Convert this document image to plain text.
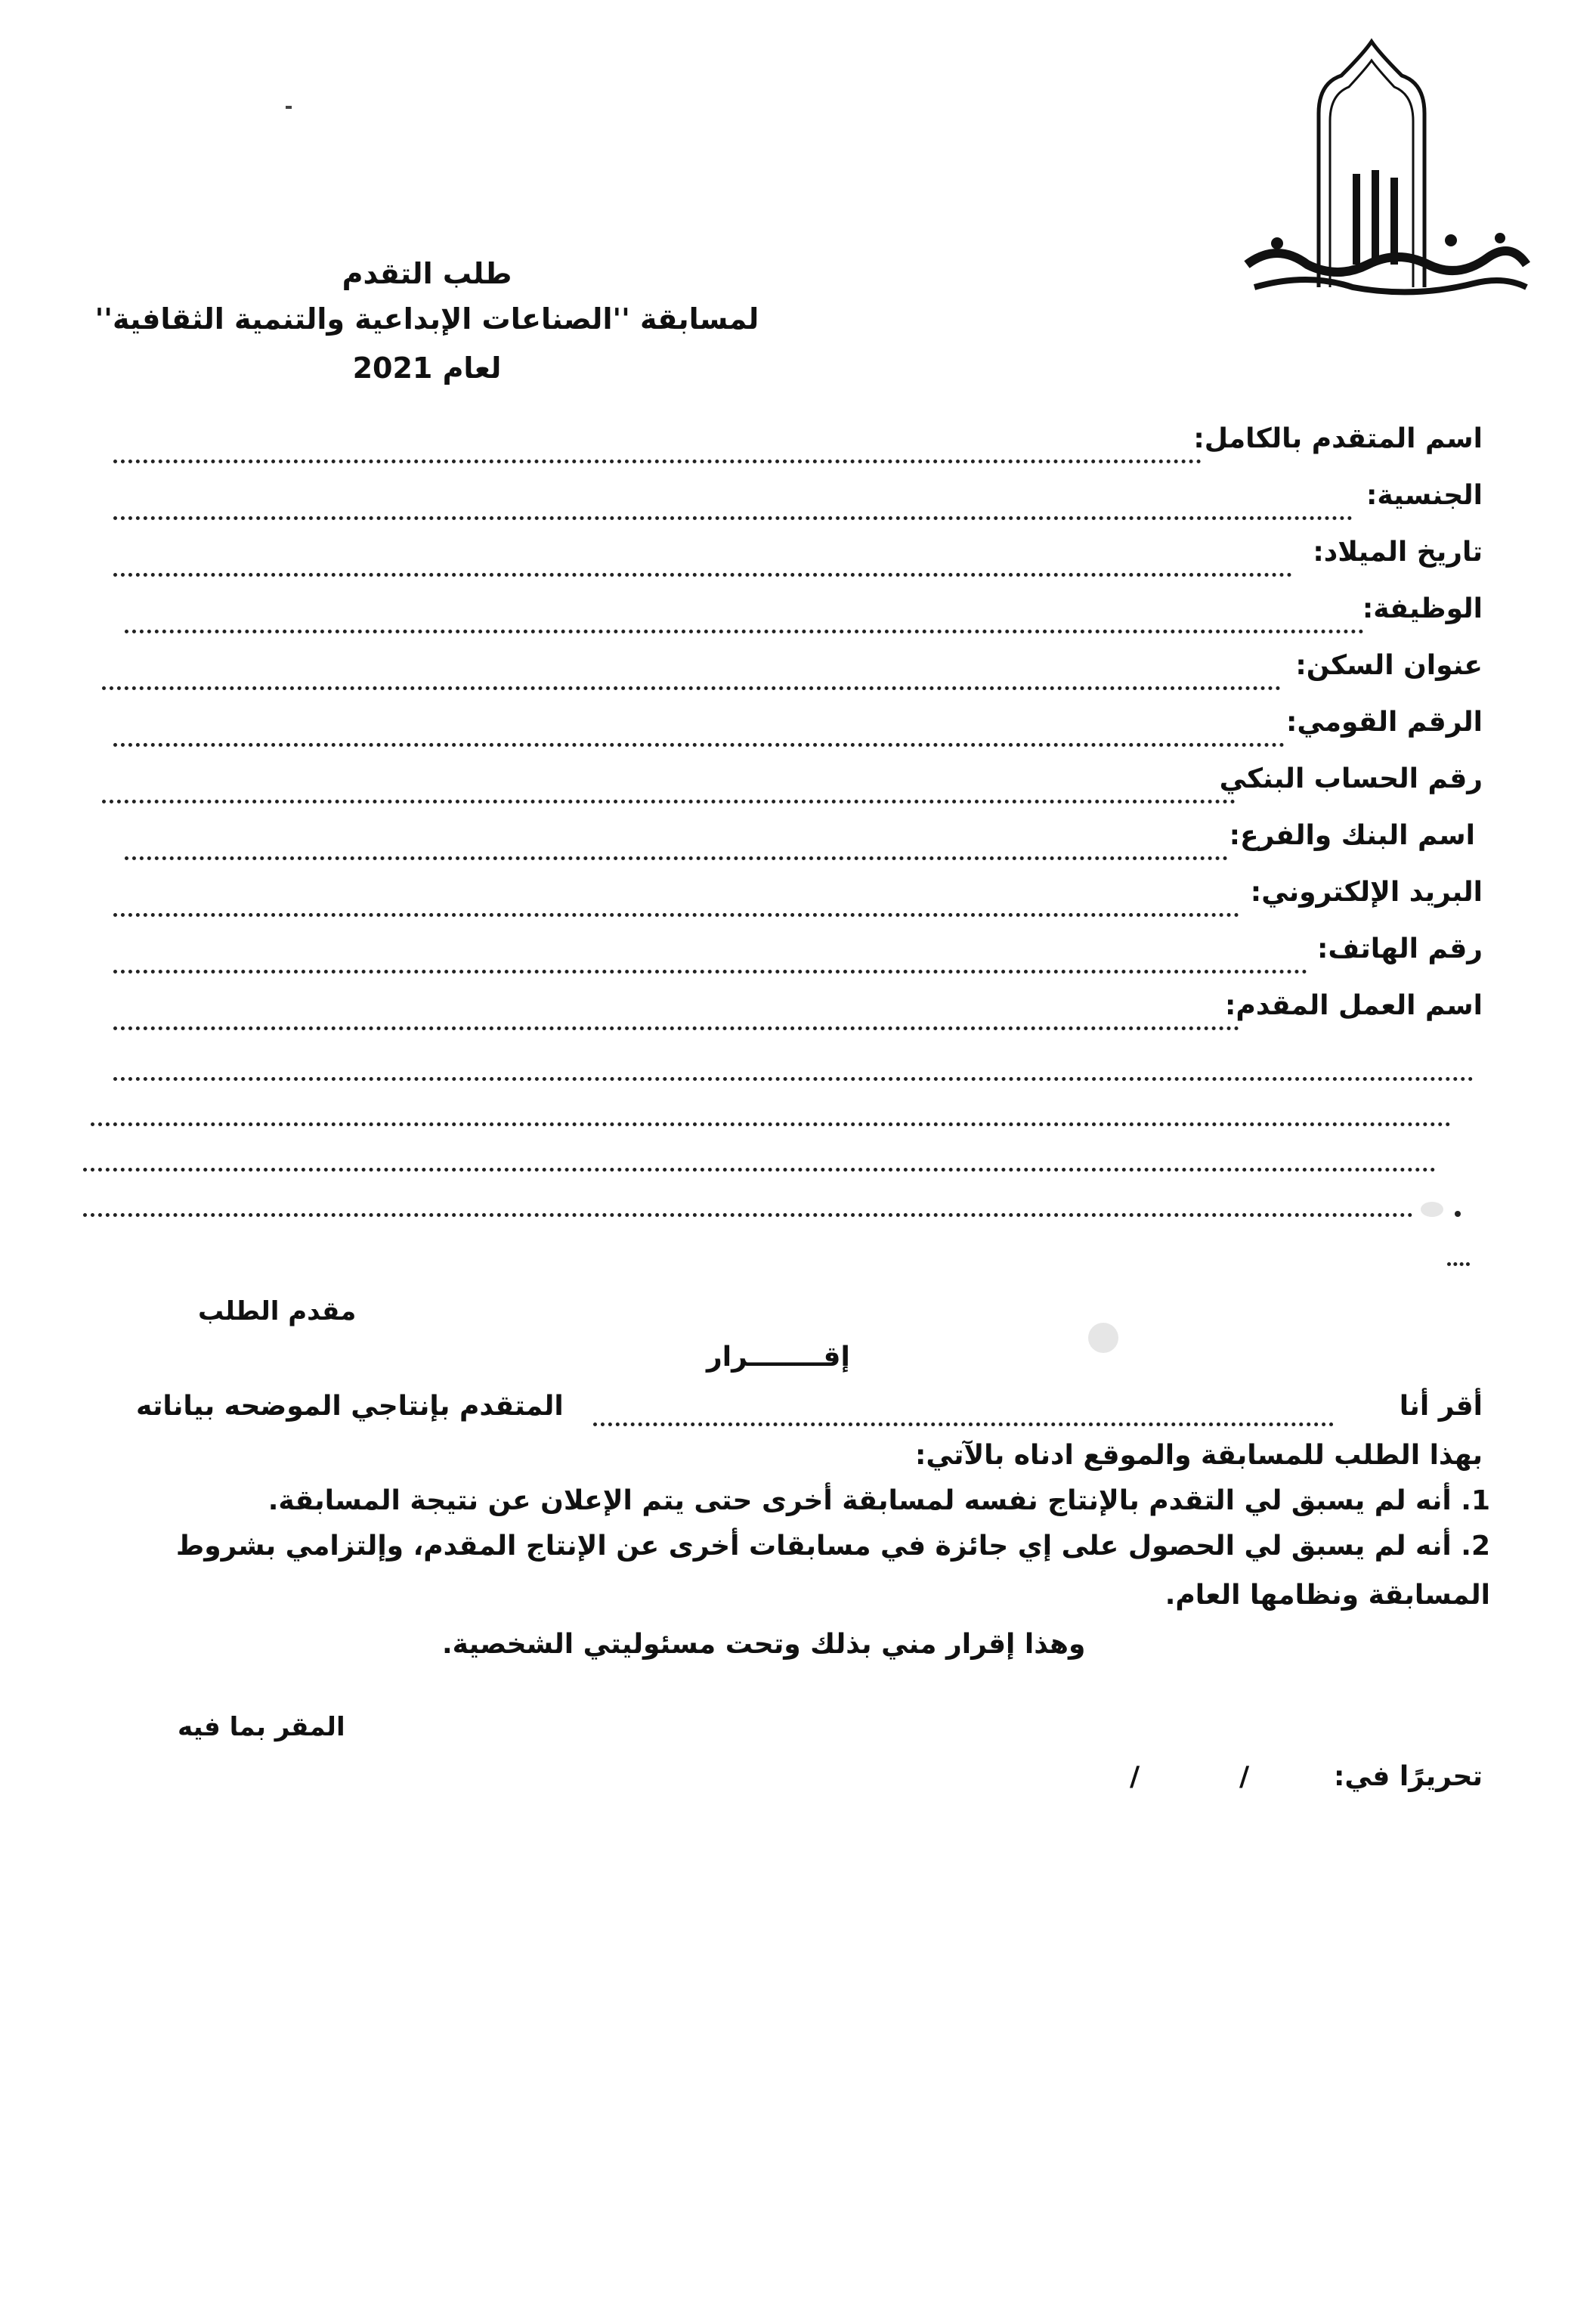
طلب التقدم
لمسابقة ''الصناعات الإبداعية والتنمية الثقافية''
لعام 2021
اسم المتقدم بالكامل:
الجنسية:
تاريخ الميلاد:
الوظيفة:
عنوان السكن:
الرقم القومي:
رقم الحساب البنكي
اسم البنك والفرع:
البريد الإلكتروني:
رقم الهاتف:
اسم العمل المقدم:
مقدم الطلب
إقــــــــرار
أقر أنا
المتقدم بإنتاجي الموضحه بياناته
بهذا الطلب للمسابقة والموقع ادناه بالآتي:
1. أنه لم يسبق لي التقدم بالإنتاج نفسه لمسابقة أخرى حتى يتم الإعلان عن نتيجة المسابقة.
2. أنه لم يسبق لي الحصول على إي جائزة في مسابقات أخرى عن الإنتاج المقدم، وإلتزامي بشروط
المسابقة ونظامها العام.
وهذا إقرار مني بذلك وتحت مسئوليتي الشخصية.
المقر بما فيه
تحريرًا في:
/
/
